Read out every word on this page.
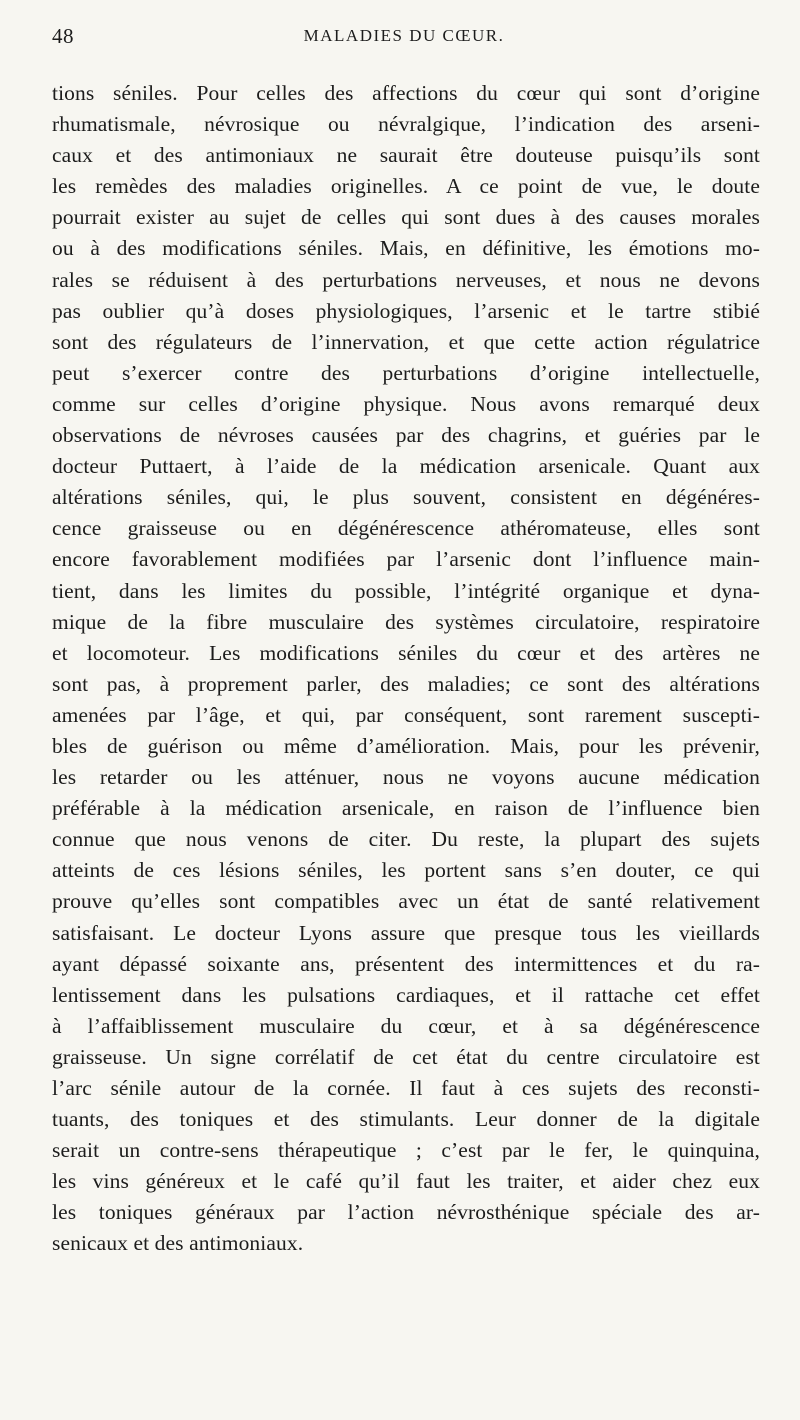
48	MALADIES DU CŒUR.
tions séniles. Pour celles des affections du cœur qui sont d’origine
rhumatismale, névrosique ou névralgique, l’indication des arseni-
caux et des antimoniaux ne saurait être douteuse puisqu’ils sont
les remèdes des maladies originelles. A ce point de vue, le doute
pourrait exister au sujet de celles qui sont dues à des causes morales
ou à des modifications séniles. Mais, en définitive, les émotions mo-
rales se réduisent à des perturbations nerveuses, et nous ne devons
pas oublier qu’à doses physiologiques, l’arsenic et le tartre stibié
sont des régulateurs de l’innervation, et que cette action régulatrice
peut s’exercer contre des perturbations d’origine intellectuelle,
comme sur celles d’origine physique. Nous avons remarqué deux
observations de névroses causées par des chagrins, et guéries par le
docteur Puttaert, à l’aide de la médication arsenicale. Quant aux
altérations séniles, qui, le plus souvent, consistent en dégénéres-
cence graisseuse ou en dégénérescence athéromateuse, elles sont
encore favorablement modifiées par l’arsenic dont l’influence main-
tient, dans les limites du possible, l’intégrité organique et dyna-
mique de la fibre musculaire des systèmes circulatoire, respiratoire
et locomoteur. Les modifications séniles du cœur et des artères ne
sont pas, à proprement parler, des maladies; ce sont des altérations
amenées par l’âge, et qui, par conséquent, sont rarement suscepti-
bles de guérison ou même d’amélioration. Mais, pour les prévenir,
les retarder ou les atténuer, nous ne voyons aucune médication
préférable à la médication arsenicale, en raison de l’influence bien
connue que nous venons de citer. Du reste, la plupart des sujets
atteints de ces lésions séniles, les portent sans s’en douter, ce qui
prouve qu’elles sont compatibles avec un état de santé relativement
satisfaisant. Le docteur Lyons assure que presque tous les vieillards
ayant dépassé soixante ans, présentent des intermittences et du ra-
lentissement dans les pulsations cardiaques, et il rattache cet effet
à l’affaiblissement musculaire du cœur, et à sa dégénérescence
graisseuse. Un signe corrélatif de cet état du centre circulatoire est
l’arc sénile autour de la cornée. Il faut à ces sujets des reconsti-
tuants, des toniques et des stimulants. Leur donner de la digitale
serait un contre-sens thérapeutique ; c’est par le fer, le quinquina,
les vins généreux et le café qu’il faut les traiter, et aider chez eux
les toniques généraux par l’action névrosthénique spéciale des ar-
senicaux et des antimoniaux.
